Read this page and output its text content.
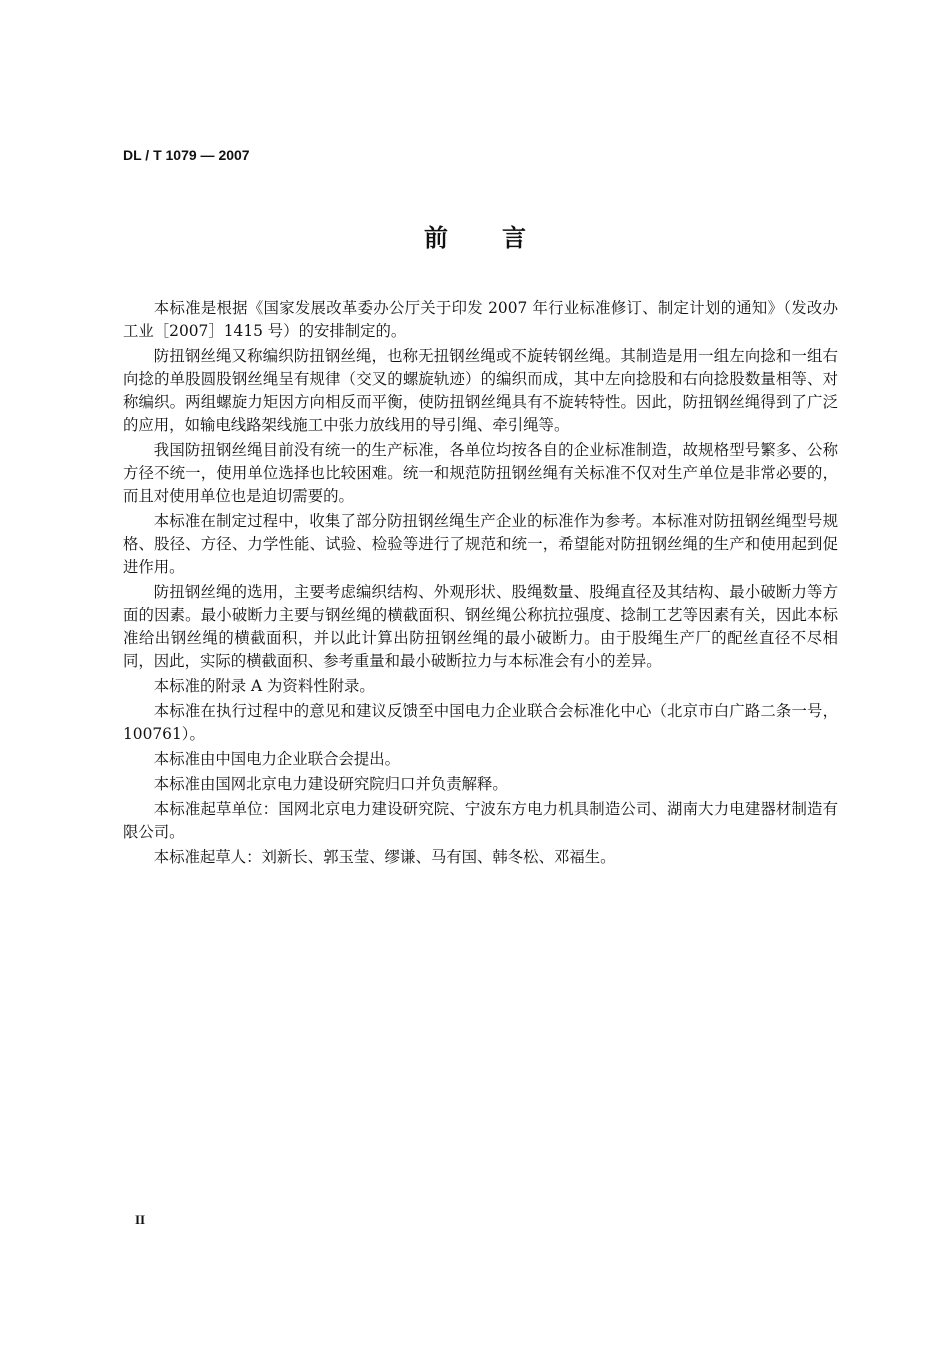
DL / T 1079 — 2007
前言

本标准是根据《国家发展改革委办公厅关于印发 2007 年行业标准修订、制定计划的通知》（发改办工业［2007］1415 号）的安排制定的。

防扭钢丝绳又称编织防扭钢丝绳，也称无扭钢丝绳或不旋转钢丝绳。其制造是用一组左向捻和一组右向捻的单股圆股钢丝绳呈有规律（交叉的螺旋轨迹）的编织而成，其中左向捻股和右向捻股数量相等、对称编织。两组螺旋力矩因方向相反而平衡，使防扭钢丝绳具有不旋转特性。因此，防扭钢丝绳得到了广泛的应用，如输电线路架线施工中张力放线用的导引绳、牵引绳等。

我国防扭钢丝绳目前没有统一的生产标准，各单位均按各自的企业标准制造，故规格型号繁多、公称方径不统一，使用单位选择也比较困难。统一和规范防扭钢丝绳有关标准不仅对生产单位是非常必要的，而且对使用单位也是迫切需要的。

本标准在制定过程中，收集了部分防扭钢丝绳生产企业的标准作为参考。本标准对防扭钢丝绳型号规格、股径、方径、力学性能、试验、检验等进行了规范和统一，希望能对防扭钢丝绳的生产和使用起到促进作用。

防扭钢丝绳的选用，主要考虑编织结构、外观形状、股绳数量、股绳直径及其结构、最小破断力等方面的因素。最小破断力主要与钢丝绳的横截面积、钢丝绳公称抗拉强度、捻制工艺等因素有关，因此本标准给出钢丝绳的横截面积，并以此计算出防扭钢丝绳的最小破断力。由于股绳生产厂的配丝直径不尽相同，因此，实际的横截面积、参考重量和最小破断拉力与本标准会有小的差异。

本标准的附录 A 为资料性附录。

本标准在执行过程中的意见和建议反馈至中国电力企业联合会标准化中心（北京市白广路二条一号，100761）。

本标准由中国电力企业联合会提出。

本标准由国网北京电力建设研究院归口并负责解释。

本标准起草单位：国网北京电力建设研究院、宁波东方电力机具制造公司、湖南大力电建器材制造有限公司。

本标准起草人：刘新长、郭玉莹、缪谦、马有国、韩冬松、邓福生。

II
